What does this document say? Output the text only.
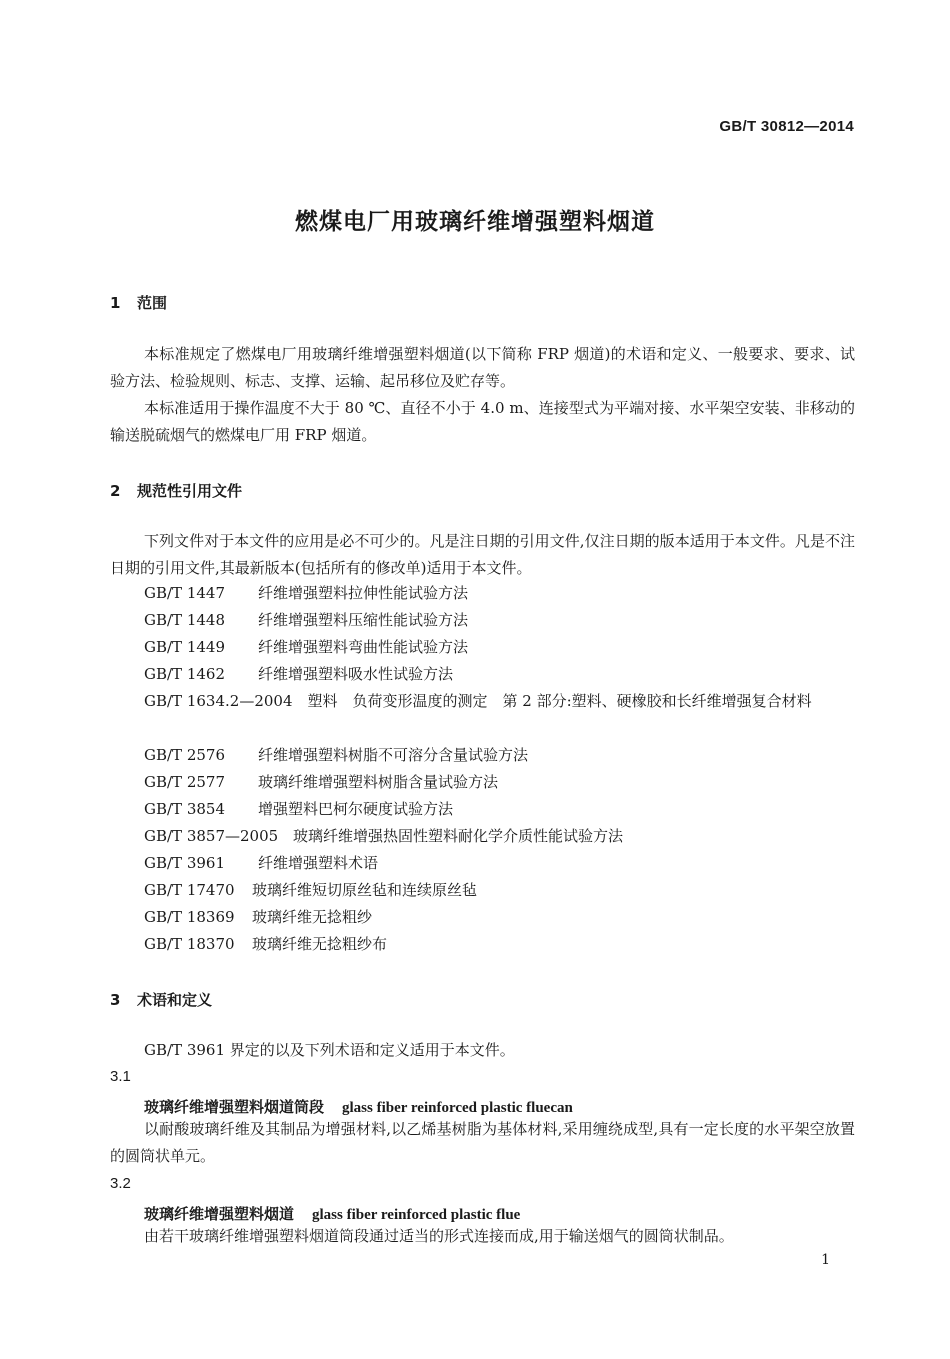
GB/T 30812—2014
燃煤电厂用玻璃纤维增强塑料烟道
1 范围
本标准规定了燃煤电厂用玻璃纤维增强塑料烟道(以下简称 FRP 烟道)的术语和定义、一般要求、要求、试验方法、检验规则、标志、支撑、运输、起吊移位及贮存等。
本标准适用于操作温度不大于 80 ℃、直径不小于 4.0 m、连接型式为平端对接、水平架空安装、非移动的输送脱硫烟气的燃煤电厂用 FRP 烟道。
2 规范性引用文件
下列文件对于本文件的应用是必不可少的。凡是注日期的引用文件,仅注日期的版本适用于本文件。凡是不注日期的引用文件,其最新版本(包括所有的修改单)适用于本文件。
GB/T 1447 纤维增强塑料拉伸性能试验方法
GB/T 1448 纤维增强塑料压缩性能试验方法
GB/T 1449 纤维增强塑料弯曲性能试验方法
GB/T 1462 纤维增强塑料吸水性试验方法
GB/T 1634.2—2004　 塑料　负荷变形温度的测定　第 2 部分:塑料、硬橡胶和长纤维增强复合材料
GB/T 2576 纤维增强塑料树脂不可溶分含量试验方法
GB/T 2577 玻璃纤维增强塑料树脂含量试验方法
GB/T 3854 增强塑料巴柯尔硬度试验方法
GB/T 3857—2005 玻璃纤维增强热固性塑料耐化学介质性能试验方法
GB/T 3961 纤维增强塑料术语
GB/T 17470 玻璃纤维短切原丝毡和连续原丝毡
GB/T 18369 玻璃纤维无捻粗纱
GB/T 18370 玻璃纤维无捻粗纱布
3 术语和定义
GB/T 3961 界定的以及下列术语和定义适用于本文件。
3.1
玻璃纤维增强塑料烟道筒段 glass fiber reinforced plastic fluecan
以耐酸玻璃纤维及其制品为增强材料,以乙烯基树脂为基体材料,采用缠绕成型,具有一定长度的水平架空放置的圆筒状单元。
3.2
玻璃纤维增强塑料烟道 glass fiber reinforced plastic flue
由若干玻璃纤维增强塑料烟道筒段通过适当的形式连接而成,用于输送烟气的圆筒状制品。
1
